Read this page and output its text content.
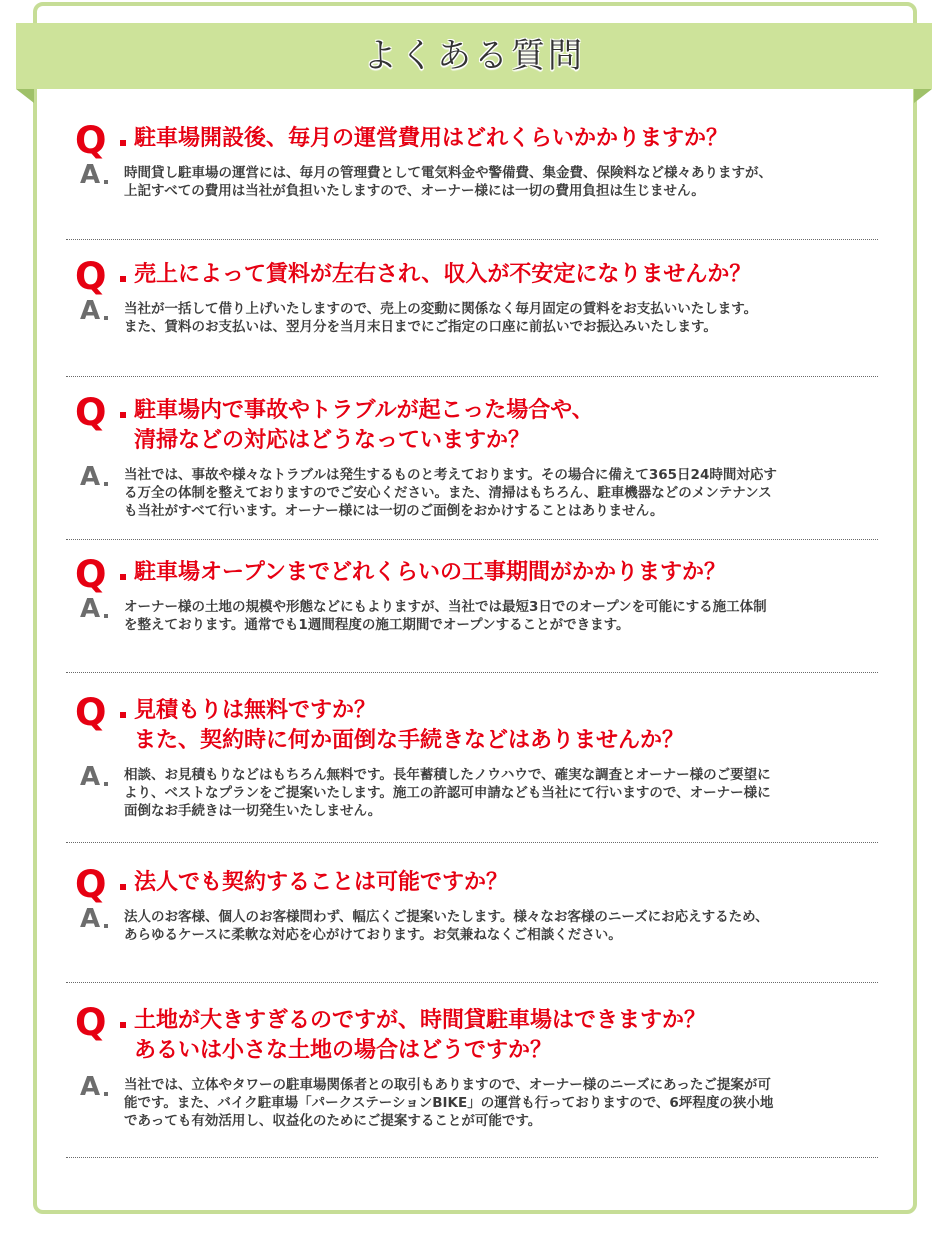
よくある質問
Q 駐車場開設後、毎月の運営費用はどれくらいかかりますか？
A 時間貸し駐車場の運営には、毎月の管理費として電気料金や警備費、集金費、保険料など様々ありますが、
上記すべての費用は当社が負担いたしますので、オーナー様には一切の費用負担は生じません。
Q 売上によって賃料が左右され、収入が不安定になりませんか？
A 当社が一括して借り上げいたしますので、売上の変動に関係なく毎月固定の賃料をお支払いいたします。
また、賃料のお支払いは、翌月分を当月末日までにご指定の口座に前払いでお振込みいたします。
Q 駐車場内で事故やトラブルが起こった場合や、
清掃などの対応はどうなっていますか？
A 当社では、事故や様々なトラブルは発生するものと考えております。その場合に備えて365日24時間対応す
る万全の体制を整えておりますのでご安心ください。また、清掃はもちろん、駐車機器などのメンテナンス
も当社がすべて行います。オーナー様には一切のご面倒をおかけすることはありません。
Q 駐車場オープンまでどれくらいの工事期間がかかりますか？
A オーナー様の土地の規模や形態などにもよりますが、当社では最短3日でのオープンを可能にする施工体制
を整えております。通常でも1週間程度の施工期間でオープンすることができます。
Q 見積もりは無料ですか？
また、契約時に何か面倒な手続きなどはありませんか？
A 相談、お見積もりなどはもちろん無料です。長年蓄積したノウハウで、確実な調査とオーナー様のご要望に
より、ベストなプランをご提案いたします。施工の許認可申請なども当社にて行いますので、オーナー様に
面倒なお手続きは一切発生いたしません。
Q 法人でも契約することは可能ですか？
A 法人のお客様、個人のお客様問わず、幅広くご提案いたします。様々なお客様のニーズにお応えするため、
あらゆるケースに柔軟な対応を心がけております。お気兼ねなくご相談ください。
Q 土地が大きすぎるのですが、時間貸駐車場はできますか？
あるいは小さな土地の場合はどうですか？
A 当社では、立体やタワーの駐車場関係者との取引もありますので、オーナー様のニーズにあったご提案が可
能です。また、バイク駐車場「パークステーションBIKE」の運営も行っておりますので、6坪程度の狭小地
であっても有効活用し、収益化のためにご提案することが可能です。
